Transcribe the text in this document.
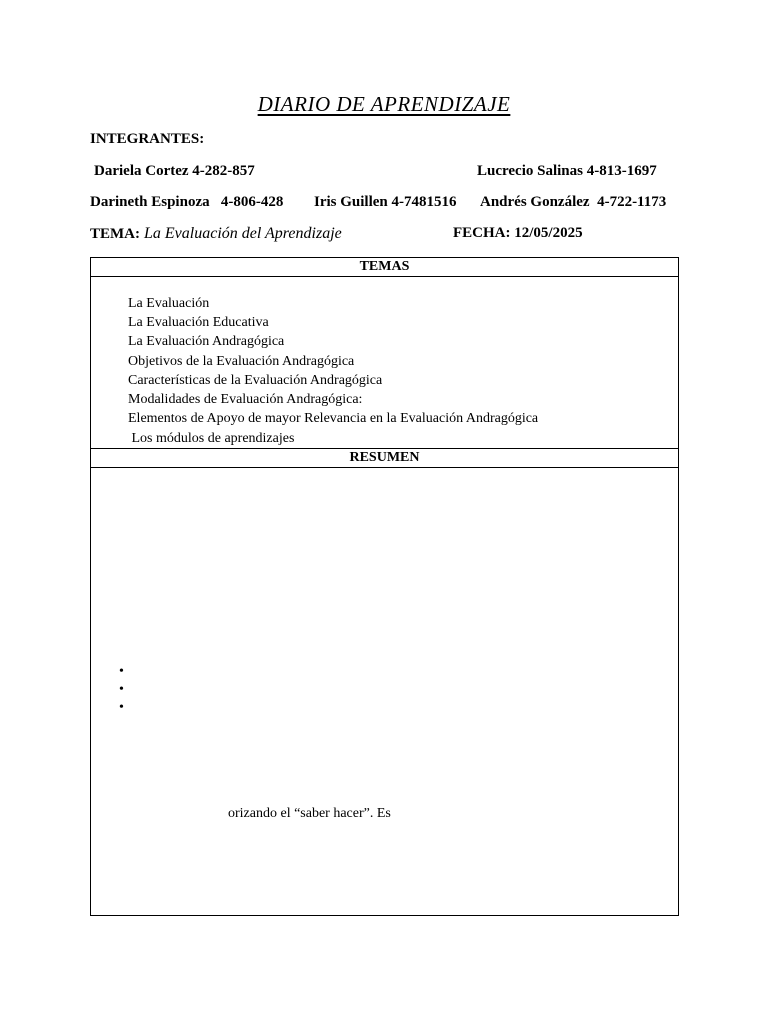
DIARIO DE APRENDIZAJE
INTEGRANTES:
Dariela Cortez 4-282-857	Lucrecio Salinas 4-813-1697
Darineth Espinoza   4-806-428 Iris Guillen 4-7481516 Andrés González  4-722-1173
TEMA: La Evaluación del Aprendizaje	FECHA: 12/05/2025
TEMAS
La Evaluación
La Evaluación Educativa
La Evaluación Andragógica
Objetivos de la Evaluación Andragógica
Características de la Evaluación Andragógica
Modalidades de Evaluación Andragógica:
Elementos de Apoyo de mayor Relevancia en la Evaluación Andragógica
Los módulos de aprendizajes
RESUMEN
•
•
•
orizando el “saber hacer”. Es
